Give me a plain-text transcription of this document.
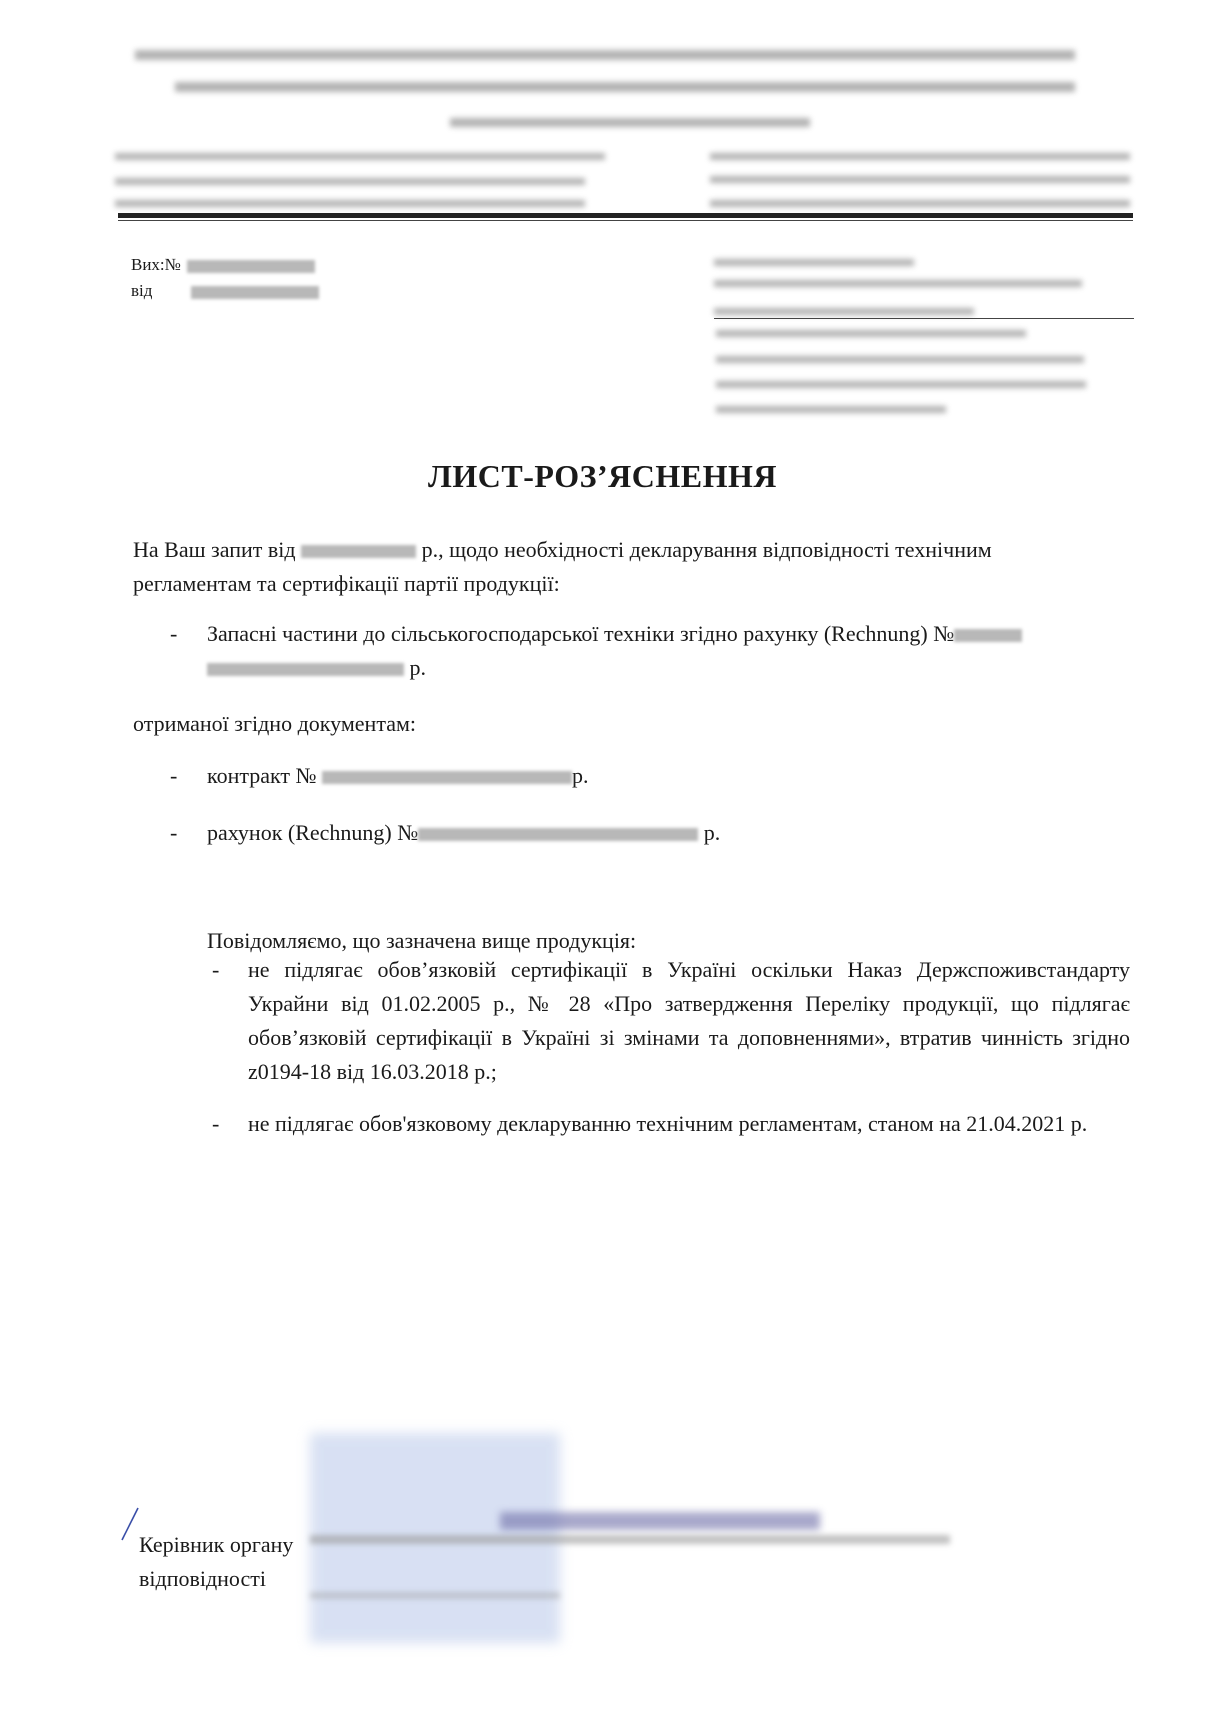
Вих:№
від
ЛИСТ-РОЗ’ЯСНЕННЯ
На Ваш запит від	р., щодо необхідності декларування відповідності технічним
регламентам та сертифікації партії продукції:
- Запасні частини до сільськогосподарської техніки згідно рахунку (Rechnung) №
р.
отриманої згідно документам:
- контракт №	р.
- рахунок (Rechnung) №	р.
Повідомляємо, що зазначена вище продукція:
- не підлягає обов’язковій сертифікації в Україні оскільки Наказ Держспоживстандарту Украйни від 01.02.2005 р., № 28 «Про затвердження Переліку продукції, що підлягає обов’язковій сертифікації в Україні зі змінами та доповненнями», втратив чинність згідно z0194-18 від 16.03.2018 р.;
- не підлягає обов'язковому декларуванню технічним регламентам, станом на 21.04.2021 р.
Керівник органу
відповідності
